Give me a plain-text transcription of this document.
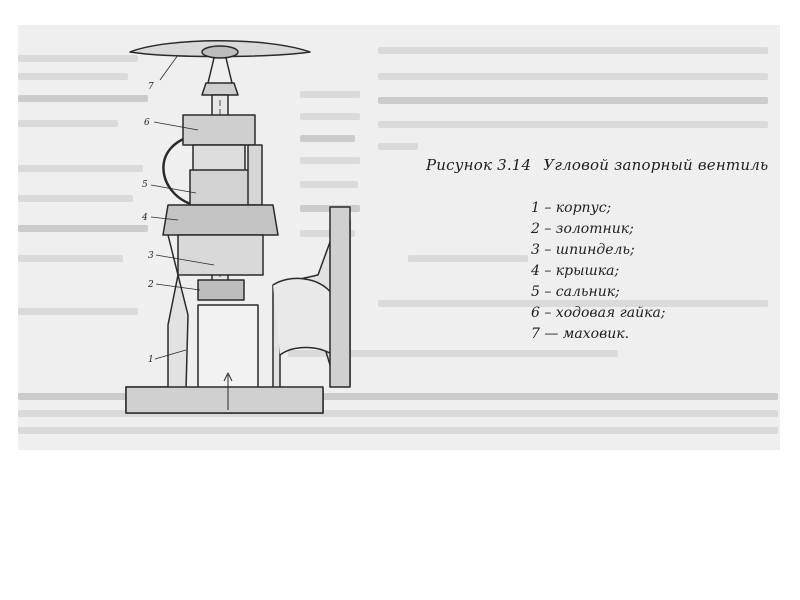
7
6
5
4
3
2
1

Рисунок 3.14 Угловой запорный вентиль

1 – корпус;
2 – золотник;
3 – шпиндель;
4 – крышка;
5 – сальник;
6 – ходовая гайка;
7 — маховик.
